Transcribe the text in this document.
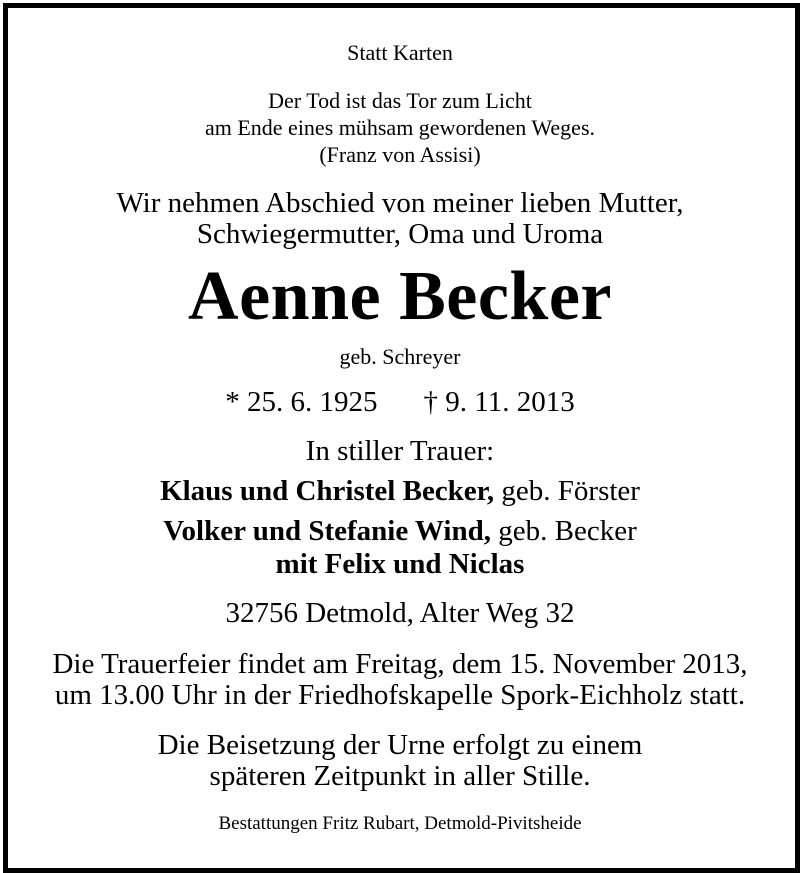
Statt Karten
Der Tod ist das Tor zum Licht
am Ende eines mühsam gewordenen Weges.
(Franz von Assisi)
Wir nehmen Abschied von meiner lieben Mutter,
Schwiegermutter, Oma und Uroma
Aenne Becker
geb. Schreyer
* 25. 6. 1925 † 9. 11. 2013
In stiller Trauer:
Klaus und Christel Becker, geb. Förster
Volker und Stefanie Wind, geb. Becker
mit Felix und Niclas
32756 Detmold, Alter Weg 32
Die Trauerfeier findet am Freitag, dem 15. November 2013,
um 13.00 Uhr in der Friedhofskapelle Spork-Eichholz statt.
Die Beisetzung der Urne erfolgt zu einem
späteren Zeitpunkt in aller Stille.
Bestattungen Fritz Rubart, Detmold-Pivitsheide
